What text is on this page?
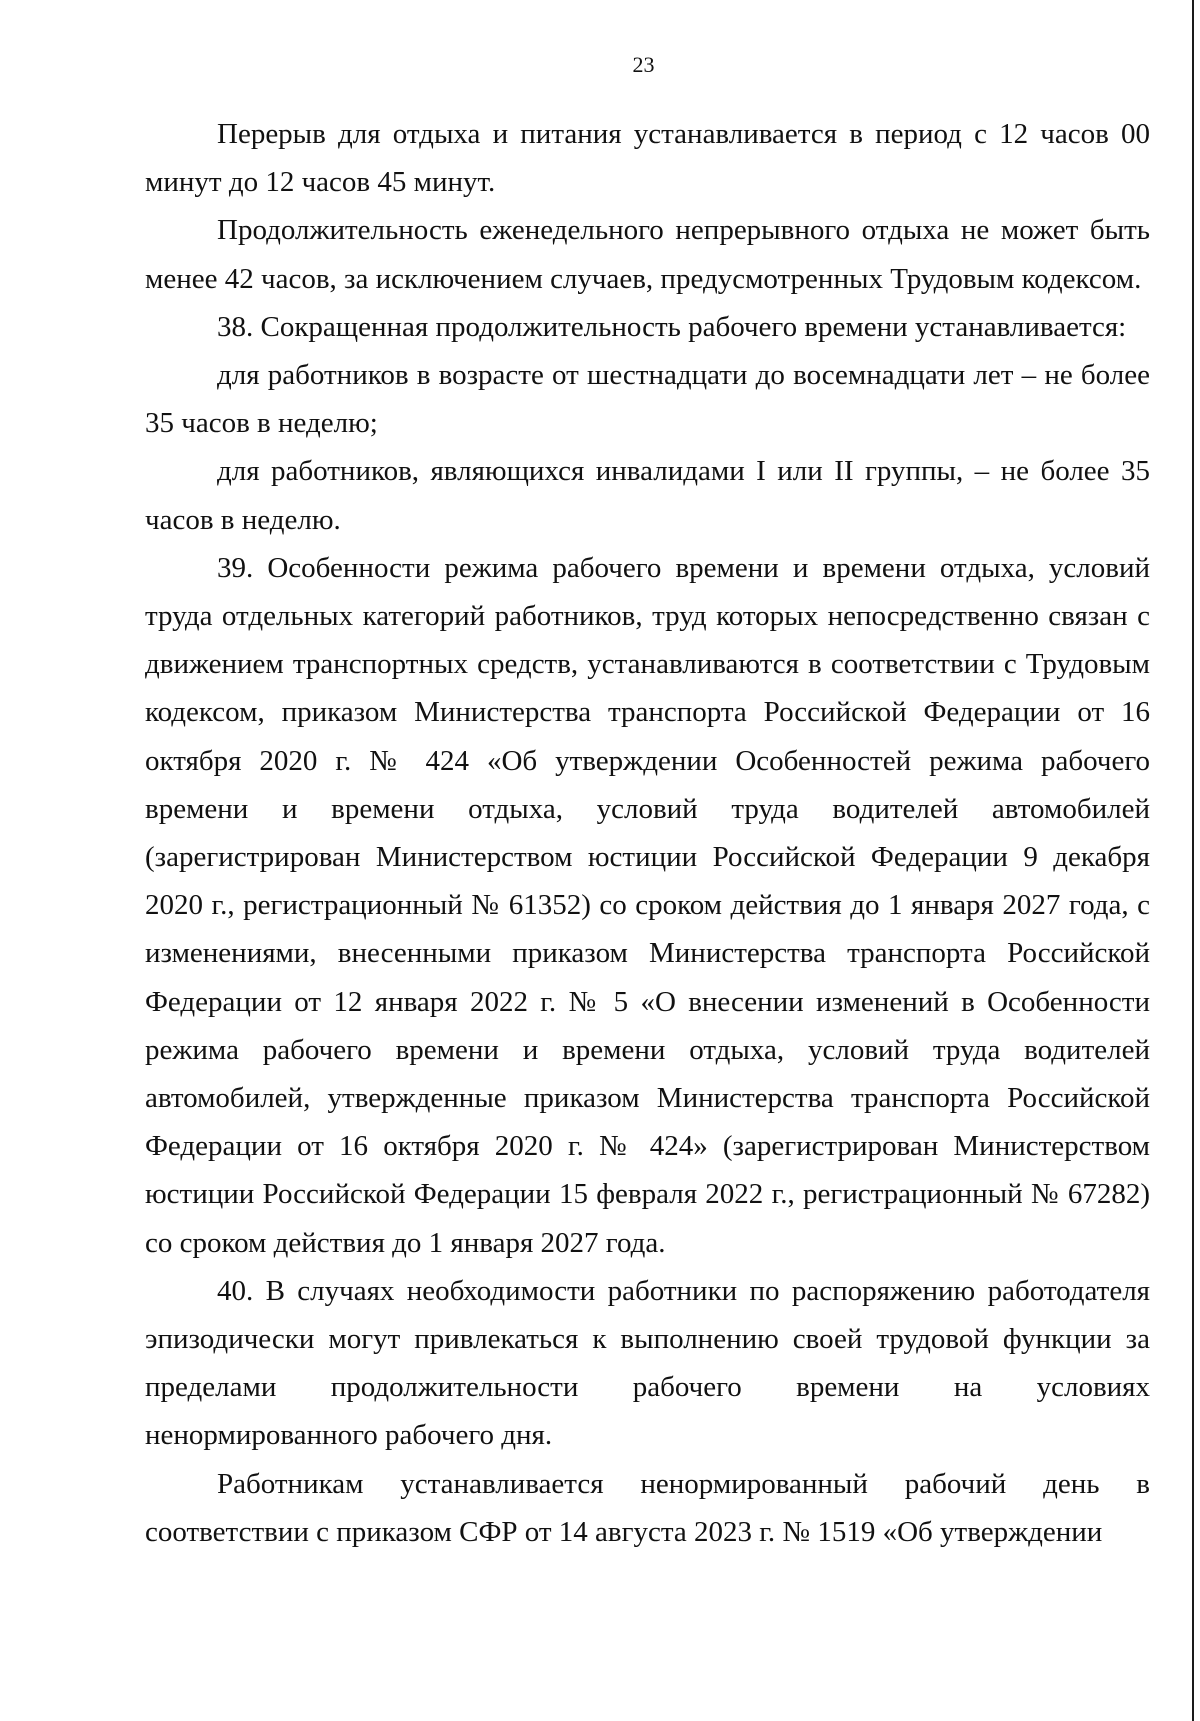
23

Перерыв для отдыха и питания устанавливается в период с 12 часов 00 минут до 12 часов 45 минут.

Продолжительность еженедельного непрерывного отдыха не может быть менее 42 часов, за исключением случаев, предусмотренных Трудовым кодексом.

38. Сокращенная продолжительность рабочего времени устанавливается:

для работников в возрасте от шестнадцати до восемнадцати лет – не более 35 часов в неделю;

для работников, являющихся инвалидами I или II группы, – не более 35 часов в неделю.

39. Особенности режима рабочего времени и времени отдыха, условий труда отдельных категорий работников, труд которых непосредственно связан с движением транспортных средств, устанавливаются в соответствии с Трудовым кодексом, приказом Министерства транспорта Российской Федерации от 16 октября 2020 г. № 424 «Об утверждении Особенностей режима рабочего времени и времени отдыха, условий труда водителей автомобилей (зарегистрирован Министерством юстиции Российской Федерации 9 декабря 2020 г., регистрационный № 61352) со сроком действия до 1 января 2027 года, с изменениями, внесенными приказом Министерства транспорта Российской Федерации от 12 января 2022 г. № 5 «О внесении изменений в Особенности режима рабочего времени и времени отдыха, условий труда водителей автомобилей, утвержденные приказом Министерства транспорта Российской Федерации от 16 октября 2020 г. № 424» (зарегистрирован Министерством юстиции Российской Федерации 15 февраля 2022 г., регистрационный № 67282) со сроком действия до 1 января 2027 года.

40. В случаях необходимости работники по распоряжению работодателя эпизодически могут привлекаться к выполнению своей трудовой функции за пределами продолжительности рабочего времени на условиях ненормированного рабочего дня.

Работникам устанавливается ненормированный рабочий день в соответствии с приказом СФР от 14 августа 2023 г. № 1519 «Об утверждении
